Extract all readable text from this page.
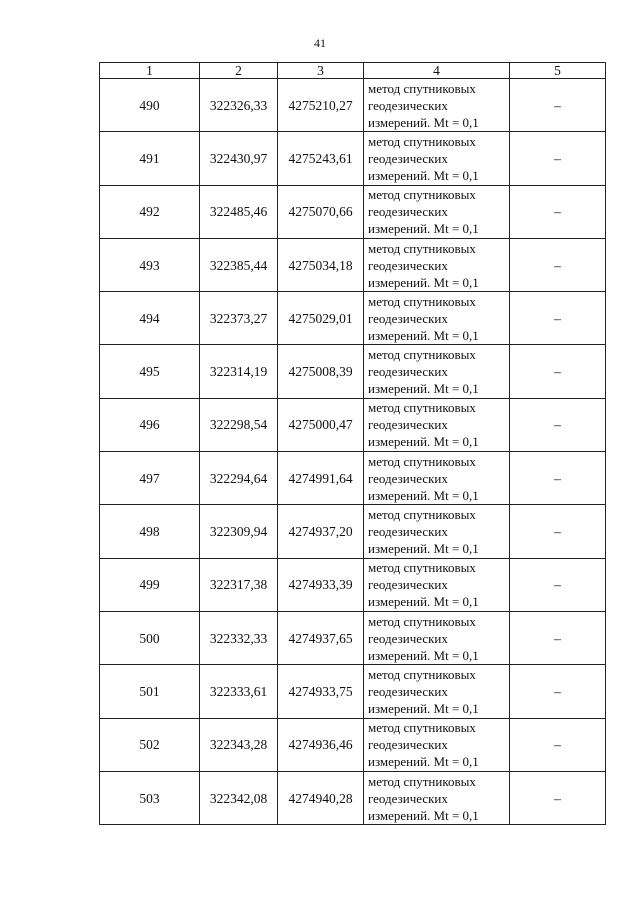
41
1	2	3	4	5
490	322326,33	4275210,27	метод спутниковых
геодезических
измерений. Mt = 0,1	–
491	322430,97	4275243,61	метод спутниковых
геодезических
измерений. Mt = 0,1	–
492	322485,46	4275070,66	метод спутниковых
геодезических
измерений. Mt = 0,1	–
493	322385,44	4275034,18	метод спутниковых
геодезических
измерений. Mt = 0,1	–
494	322373,27	4275029,01	метод спутниковых
геодезических
измерений. Mt = 0,1	–
495	322314,19	4275008,39	метод спутниковых
геодезических
измерений. Mt = 0,1	–
496	322298,54	4275000,47	метод спутниковых
геодезических
измерений. Mt = 0,1	–
497	322294,64	4274991,64	метод спутниковых
геодезических
измерений. Mt = 0,1	–
498	322309,94	4274937,20	метод спутниковых
геодезических
измерений. Mt = 0,1	–
499	322317,38	4274933,39	метод спутниковых
геодезических
измерений. Mt = 0,1	–
500	322332,33	4274937,65	метод спутниковых
геодезических
измерений. Mt = 0,1	–
501	322333,61	4274933,75	метод спутниковых
геодезических
измерений. Mt = 0,1	–
502	322343,28	4274936,46	метод спутниковых
геодезических
измерений. Mt = 0,1	–
503	322342,08	4274940,28	метод спутниковых
геодезических
измерений. Mt = 0,1	–
